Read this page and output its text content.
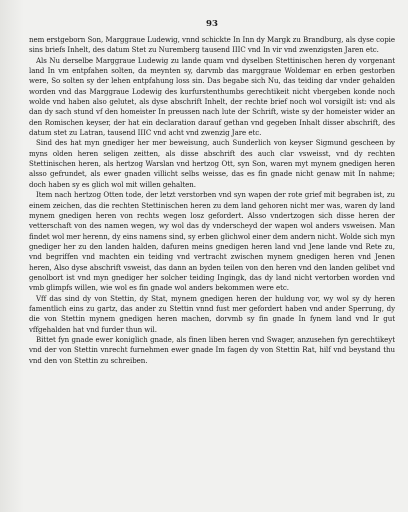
93

nem erstgeborn Son, Marggraue Ludewig, vnnd schickte In Inn dy Margk zu Brandburg, als dyse copie sins briefs Inhelt, des datum Stet zu Nuremberg tausend IIIC vnd In vir vnd zwenzigsten Jaren etc.

Als Nu derselbe Marggraue Ludewig zu lande quam vnd dyselben Stettinischen heren dy vorgenant land In vm entpfahen solten, da meynten sy, darvmb das marggraue Woldemar en erben gestorben were, So solten sy der lehen entpfahung loss sin. Das begabe sich Nu, das teiding dar vnder gehalden worden vnd das Marggraue Lodewig des kurfurstenthumbs gerechtikeit nicht vbergeben konde noch wolde vnd haben also gelutet, als dyse abschrift Inhelt, der rechte brief noch wol vorsigilt ist: vnd als dan dy sach stund vf den homeister In preussen nach lute der Schrift, wiste sy der homeister wider an den Romischen keyser, der hat ein declaration darauf gethan vnd gegeben Inhalt disser abschrift, des datum stet zu Latran, tausend IIIC vnd acht vnd zwenzig Jare etc.

Sind des hat myn gnediger her mer beweisung, auch Sunderlich von keyser Sigmund gescheen by myns olden heren seligen zeitten, als disse abschrift des auch clar vsweisst, vnd dy rechten Stettinischen heren, als hertzog Warslan vnd hertzog Ott, syn Son, waren myt mynem gnedigen heren alsso gefrundet, als ewer gnaden villicht selbs weisse, das es fin gnade nicht genaw mit In nahme; doch haben sy es glich wol mit willen gehalten.

Item nach hertzog Otten tode, der letzt verstorben vnd syn wapen der rote grief mit begraben ist, zu einem zeichen, das die rechten Stettinischen heren zu dem land gehoren nicht mer was, waren dy land mynem gnedigen heren von rechts wegen losz gefordert. Alsso vndertzogen sich disse heren der vetterschaft von des namen wegen, wy wol das dy vnderscheyd der wapen wol anders vsweisen. Man findet wol mer herenn, dy eins namens sind, sy erben glichwol einer dem andern nicht. Wolde sich myn gnediger her zu den landen halden, dafuren meins gnedigen heren land vnd Jene lande vnd Rete zu, vnd begriffen vnd machten ein teiding vnd vertracht zwischen mynem gnedigen heren vnd Jenen heren, Also dyse abschrift vsweist, das dann an byden teilen von den heren vnd den landen gelibet vnd genolbort ist vnd myn gnediger her solcher teiding Ingingk, das dy land nicht vertorben worden vnd vmb glimpfs willen, wie wol es fin gnade wol anders bekommen were etc.

Vff das sind dy von Stettin, dy Stat, mynem gnedigen heren der huldung vor, wy wol sy dy heren famentlich eins zu gartz, das ander zu Stettin vnnd fust mer gefordert haben vnd ander Sperrung, dy die von Stettin mynem gnedigen heren machen, dorvmb sy fin gnade In fynem land vnd Ir gut vffgehalden hat vnd furder thun wil.

Bittet fyn gnade ewer koniglich gnade, als finen liben heren vnd Swager, anzusehen fyn gerechtikeyt vnd der von Stettin vnrecht furnehmen ewer gnade Im fagen dy von Stettin Rat, hilf vnd beystand thu vnd den von Stettin zu schreiben.
